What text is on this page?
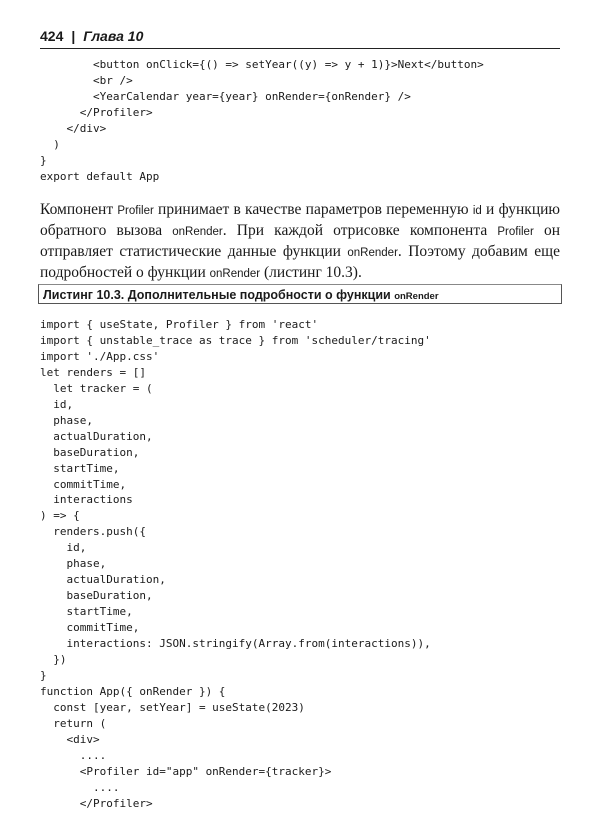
424 | Глава 10
<button onClick={() => setYear((y) => y + 1)}>Next</button>
<br />
<YearCalendar year={year} onRender={onRender} />
</Profiler>
</div>
)
}
export default App

Компонент Profiler принимает в качестве параметров переменную id и функцию обратного вызова onRender. При каждой отрисовке компонента Profiler он отправляет статистические данные функции onRender. Поэтому добавим еще подробностей о функции onRender (листинг 10.3).
Листинг 10.3. Дополнительные подробности о функции onRender
import { useState, Profiler } from 'react'
import { unstable_trace as trace } from 'scheduler/tracing'
import './App.css'
let renders = []
let tracker = (
id,
phase,
actualDuration,
baseDuration,
startTime,
commitTime,
interactions
) => {
renders.push({
id,
phase,
actualDuration,
baseDuration,
startTime,
commitTime,
interactions: JSON.stringify(Array.from(interactions)),
})
}
function App({ onRender }) {
const [year, setYear] = useState(2023)
return (
<div>
....
<Profiler id="app" onRender={tracker}>
....
</Profiler>
